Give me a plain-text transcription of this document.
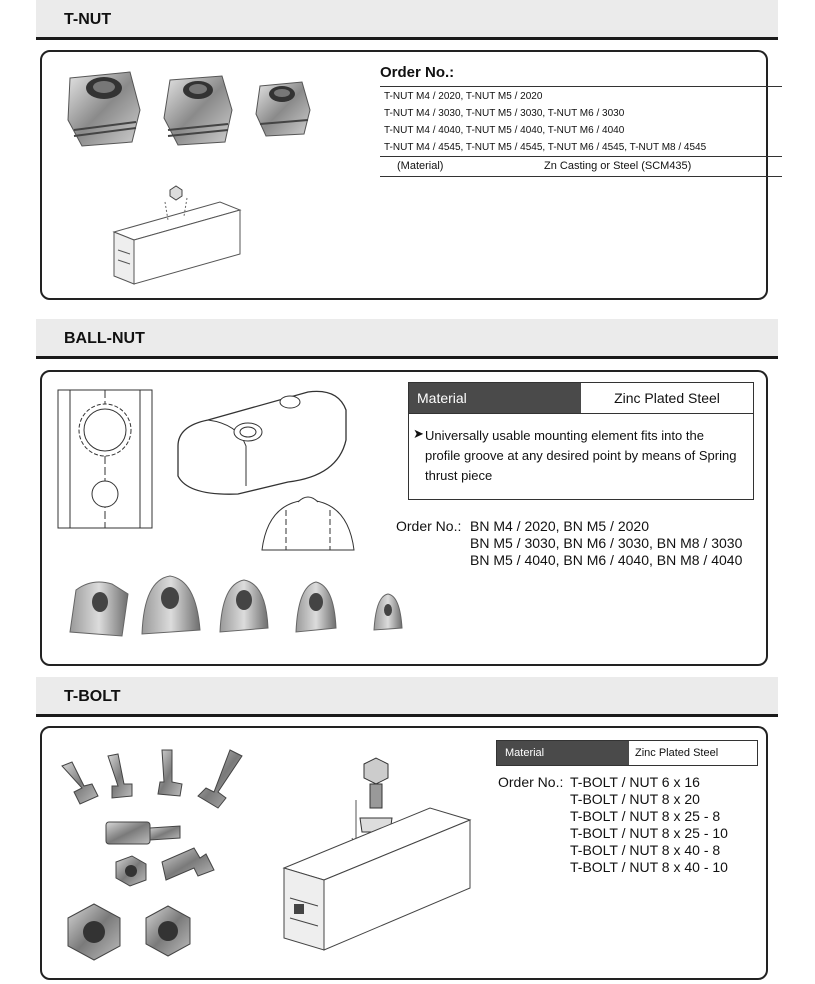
T-NUT
Order No.:
T-NUT M4 / 2020, T-NUT M5 / 2020
T-NUT M4 / 3030, T-NUT M5 / 3030, T-NUT M6 / 3030
T-NUT M4 / 4040, T-NUT M5 / 4040, T-NUT M6 / 4040
T-NUT M4 / 4545, T-NUT M5 / 4545, T-NUT M6 / 4545, T-NUT M8 / 4545
(Material)	Zn Casting or Steel (SCM435)
BALL-NUT
Material	Zinc Plated Steel
➤ Universally usable mounting element fits into the
profile groove at any desired point by means of Spring
thrust piece
Order No.: BN M4 / 2020, BN M5 / 2020
BN M5 / 3030, BN M6 / 3030, BN M8 / 3030
BN M5 / 4040, BN M6 / 4040, BN M8 / 4040
T-BOLT
Material	Zinc Plated Steel
Order No.: T-BOLT / NUT 6 x 16
T-BOLT / NUT 8 x 20
T-BOLT / NUT 8 x 25 - 8
T-BOLT / NUT 8 x 25 - 10
T-BOLT / NUT 8 x 40 - 8
T-BOLT / NUT 8 x 40 - 10
